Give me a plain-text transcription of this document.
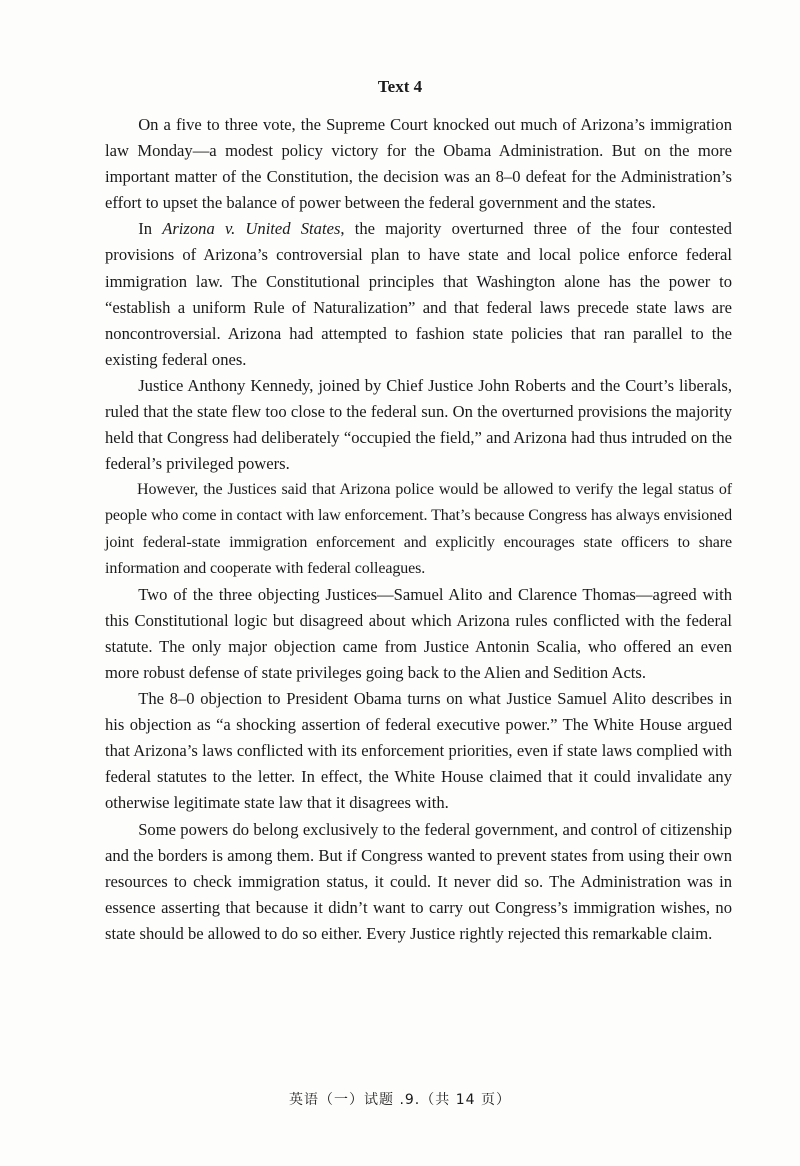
Text 4

On a five to three vote, the Supreme Court knocked out much of Arizona’s immigration law Monday—a modest policy victory for the Obama Administration. But on the more important matter of the Constitution, the decision was an 8–0 defeat for the Administration’s effort to upset the balance of power between the federal government and the states.

In Arizona v. United States, the majority overturned three of the four contested provisions of Arizona’s controversial plan to have state and local police enforce federal immigration law. The Constitutional principles that Washington alone has the power to “establish a uniform Rule of Naturalization” and that federal laws precede state laws are noncontroversial. Arizona had attempted to fashion state policies that ran parallel to the existing federal ones.

Justice Anthony Kennedy, joined by Chief Justice John Roberts and the Court’s liberals, ruled that the state flew too close to the federal sun. On the overturned provisions the majority held that Congress had deliberately “occupied the field,” and Arizona had thus intruded on the federal’s privileged powers.

However, the Justices said that Arizona police would be allowed to verify the legal status of people who come in contact with law enforcement. That’s because Congress has always envisioned joint federal-state immigration enforcement and explicitly encourages state officers to share information and cooperate with federal colleagues.

Two of the three objecting Justices—Samuel Alito and Clarence Thomas—agreed with this Constitutional logic but disagreed about which Arizona rules conflicted with the federal statute. The only major objection came from Justice Antonin Scalia, who offered an even more robust defense of state privileges going back to the Alien and Sedition Acts.

The 8–0 objection to President Obama turns on what Justice Samuel Alito describes in his objection as “a shocking assertion of federal executive power.” The White House argued that Arizona’s laws conflicted with its enforcement priorities, even if state laws complied with federal statutes to the letter. In effect, the White House claimed that it could invalidate any otherwise legitimate state law that it disagrees with.

Some powers do belong exclusively to the federal government, and control of citizenship and the borders is among them. But if Congress wanted to prevent states from using their own resources to check immigration status, it could. It never did so. The Administration was in essence asserting that because it didn’t want to carry out Congress’s immigration wishes, no state should be allowed to do so either. Every Justice rightly rejected this remarkable claim.

英语（一）试题 .9.（共 14 页）
